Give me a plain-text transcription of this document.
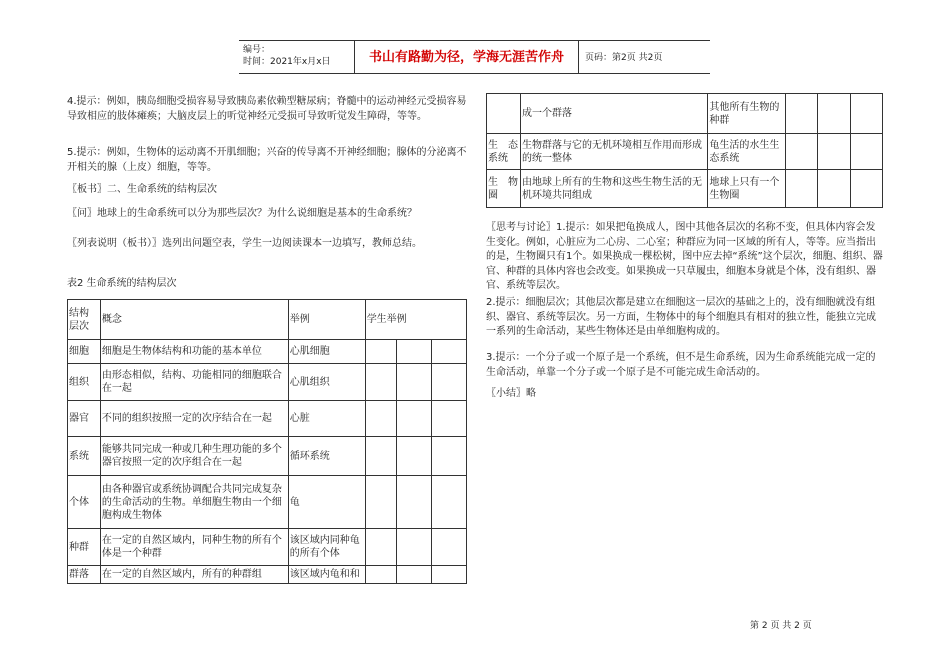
编号：
时间：2021年x月x日	书山有路勤为径，学海无涯苦作舟	页码：第2页 共2页
4.提示：例如，胰岛细胞受损容易导致胰岛素依赖型糖尿病；脊髓中的运动神经元受损容易导致相应的肢体瘫痪；大脑皮层上的听觉神经元受损可导致听觉发生障碍，等等。
5.提示：例如，生物体的运动离不开肌细胞；兴奋的传导离不开神经细胞；腺体的分泌离不开相关的腺（上皮）细胞，等等。
〖板书〗二、生命系统的结构层次
〖问〗地球上的生命系统可以分为那些层次？为什么说细胞是基本的生命系统？
〖列表说明（板书）〗选列出问题空表，学生一边阅读课本一边填写，教师总结。
表2 生命系统的结构层次
结构层次	概念	举例	学生举例		
细胞	细胞是生物体结构和功能的基本单位	心肌细胞			
组织	由形态相似，结构、功能相同的细胞联合在一起	心肌组织			
器官	不同的组织按照一定的次序结合在一起	心脏			
系统	能够共同完成一种或几种生理功能的多个器官按照一定的次序组合在一起	循环系统			
个体	由各种器官或系统协调配合共同完成复杂的生命活动的生物。单细胞生物由一个细胞构成生物体	龟			
种群	在一定的自然区域内，同种生物的所有个体是一个种群	该区域内同种龟的所有个体			
群落	在一定的自然区域内，所有的种群组	该区域内龟和和			
	成一个群落	其他所有生物的种群			
生　态系统	生物群落与它的无机环境相互作用而形成的统一整体	龟生活的水生生态系统			
生　物圈	由地球上所有的生物和这些生物生活的无机环境共同组成	地球上只有一个生物圈			
〖思考与讨论〗1.提示：如果把龟换成人，图中其他各层次的名称不变，但具体内容会发生变化。例如，心脏应为二心房、二心室；种群应为同一区域的所有人，等等。应当指出的是，生物圈只有1个。如果换成一棵松树，图中应去掉“系统”这个层次，细胞、组织、器官、种群的具体内容也会改变。如果换成一只草履虫，细胞本身就是个体，没有组织、器官、系统等层次。
2.提示：细胞层次；其他层次都是建立在细胞这一层次的基础之上的，没有细胞就没有组织、器官、系统等层次。另一方面，生物体中的每个细胞具有相对的独立性，能独立完成一系列的生命活动，某些生物体还是由单细胞构成的。
3.提示：一个分子或一个原子是一个系统，但不是生命系统，因为生命系统能完成一定的生命活动，单靠一个分子或一个原子是不可能完成生命活动的。
〖小结〗略
第 2 页 共 2 页
